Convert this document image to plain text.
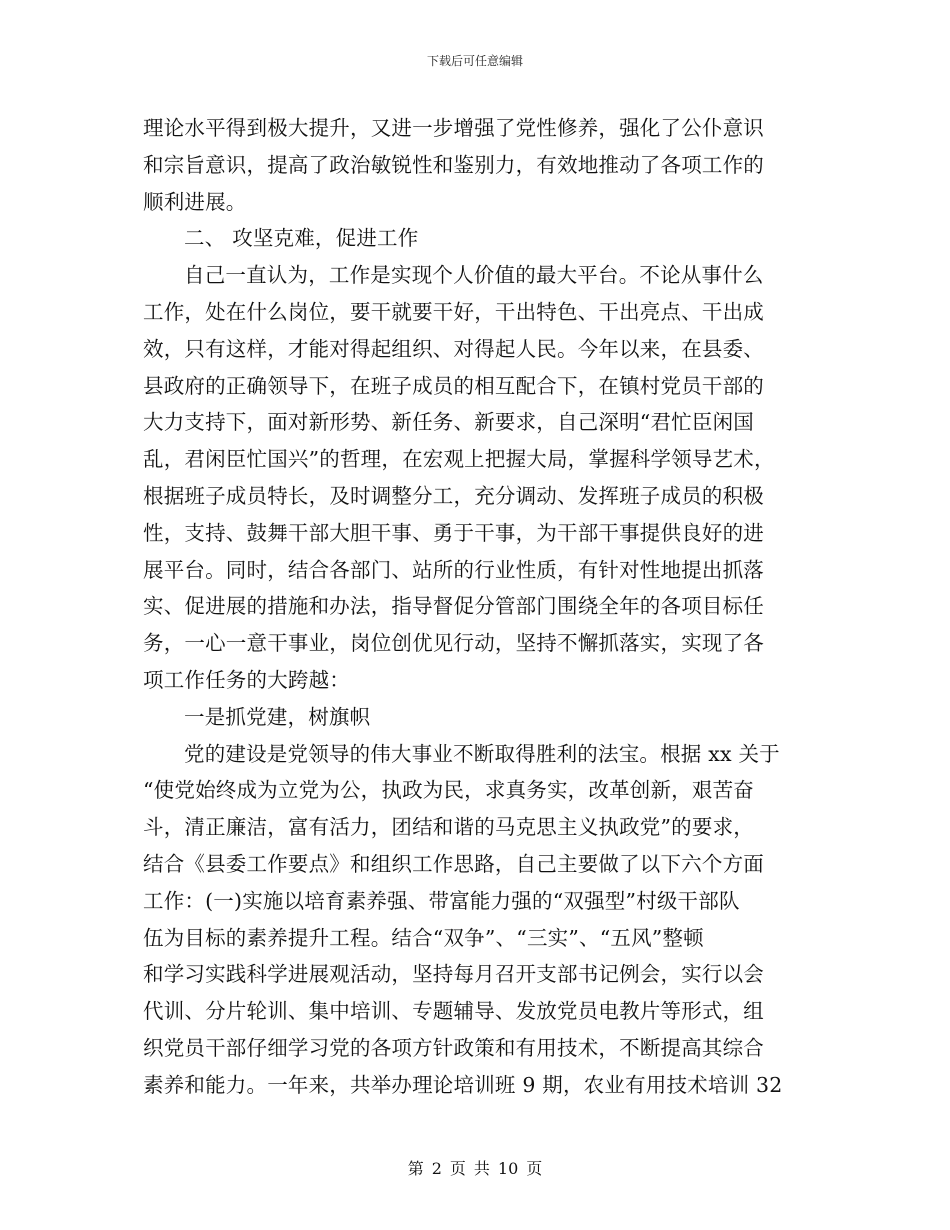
下载后可任意编辑
理论水平得到极大提升，又进一步增强了党性修养，强化了公仆意识
和宗旨意识，提高了政治敏锐性和鉴别力，有效地推动了各项工作的
顺利进展。
二、 攻坚克难，促进工作
自己一直认为，工作是实现个人价值的最大平台。不论从事什么
工作，处在什么岗位，要干就要干好，干出特色、干出亮点、干出成
效，只有这样，才能对得起组织、对得起人民。今年以来，在县委、
县政府的正确领导下，在班子成员的相互配合下，在镇村党员干部的
大力支持下，面对新形势、新任务、新要求，自己深明“君忙臣闲国
乱，君闲臣忙国兴”的哲理，在宏观上把握大局，掌握科学领导艺术，
根据班子成员特长，及时调整分工，充分调动、发挥班子成员的积极
性，支持、鼓舞干部大胆干事、勇于干事，为干部干事提供良好的进
展平台。同时，结合各部门、站所的行业性质，有针对性地提出抓落
实、促进展的措施和办法，指导督促分管部门围绕全年的各项目标任
务，一心一意干事业，岗位创优见行动，坚持不懈抓落实，实现了各
项工作任务的大跨越：
一是抓党建，树旗帜
党的建设是党领导的伟大事业不断取得胜利的法宝。根据 xx 关于
“使党始终成为立党为公，执政为民，求真务实，改革创新，艰苦奋
斗，清正廉洁，富有活力，团结和谐的马克思主义执政党”的要求，
结合《县委工作要点》和组织工作思路，自己主要做了以下六个方面
工作：(一)实施以培育素养强、带富能力强的“双强型”村级干部队
伍为目标的素养提升工程。结合“双争”、“三实”、“五风”整顿
和学习实践科学进展观活动，坚持每月召开支部书记例会，实行以会
代训、分片轮训、集中培训、专题辅导、发放党员电教片等形式，组
织党员干部仔细学习党的各项方针政策和有用技术，不断提高其综合
素养和能力。一年来，共举办理论培训班 9 期，农业有用技术培训 32
第 2 页 共 10 页
